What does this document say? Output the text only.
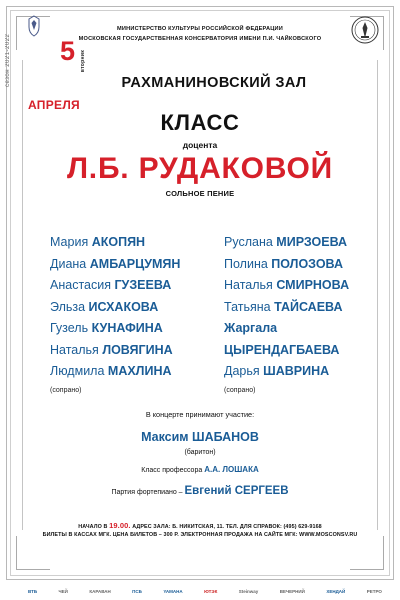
сезон 2021-2022
МИНИСТЕРСТВО КУЛЬТУРЫ РОССИЙСКОЙ ФЕДЕРАЦИИ
МОСКОВСКАЯ ГОСУДАРСТВЕННАЯ КОНСЕРВАТОРИЯ ИМЕНИ П.И. ЧАЙКОВСКОГО
5 вторник
АПРЕЛЯ
РАХМАНИНОВСКИЙ ЗАЛ
КЛАСС
доцента
Л.Б. РУДАКОВОЙ
СОЛЬНОЕ ПЕНИЕ
Мария АКОПЯН
Диана АМБАРЦУМЯН
Анастасия ГУЗЕЕВА
Эльза ИСХАКОВА
Гузель КУНАФИНА
Наталья ЛОВЯГИНА
Людмила МАХЛИНА
(сопрано)
Руслана МИРЗОЕВА
Полина ПОЛОЗОВА
Наталья СМИРНОВА
Татьяна ТАЙСАЕВА
Жаргала
ЦЫРЕНДАГБАЕВА
Дарья ШАВРИНА
(сопрано)
В концерте принимают участие:
Максим ШАБАНОВ
(баритон)
Класс профессора А.А. ЛОШАКА
Партия фортепиано – Евгений СЕРГЕЕВ
НАЧАЛО В 19.00. АДРЕС ЗАЛА: Б. НИКИТСКАЯ, 11. ТЕЛ. ДЛЯ СПРАВОК: (495) 629-9168
БИЛЕТЫ В КАССАХ МГК. ЦЕНА БИЛЕТОВ – 300 Р. ЭЛЕКТРОННАЯ ПРОДАЖА НА САЙТЕ МГК: WWW.MOSCONSV.RU
ВТБ	ЧЕЙ	КАРАВАН	ПСБ	YAMAHA	ЮТЭК	Steinway	ВЕЧЕРНИЙ	ХЕНДАЙ	РЕТРО
